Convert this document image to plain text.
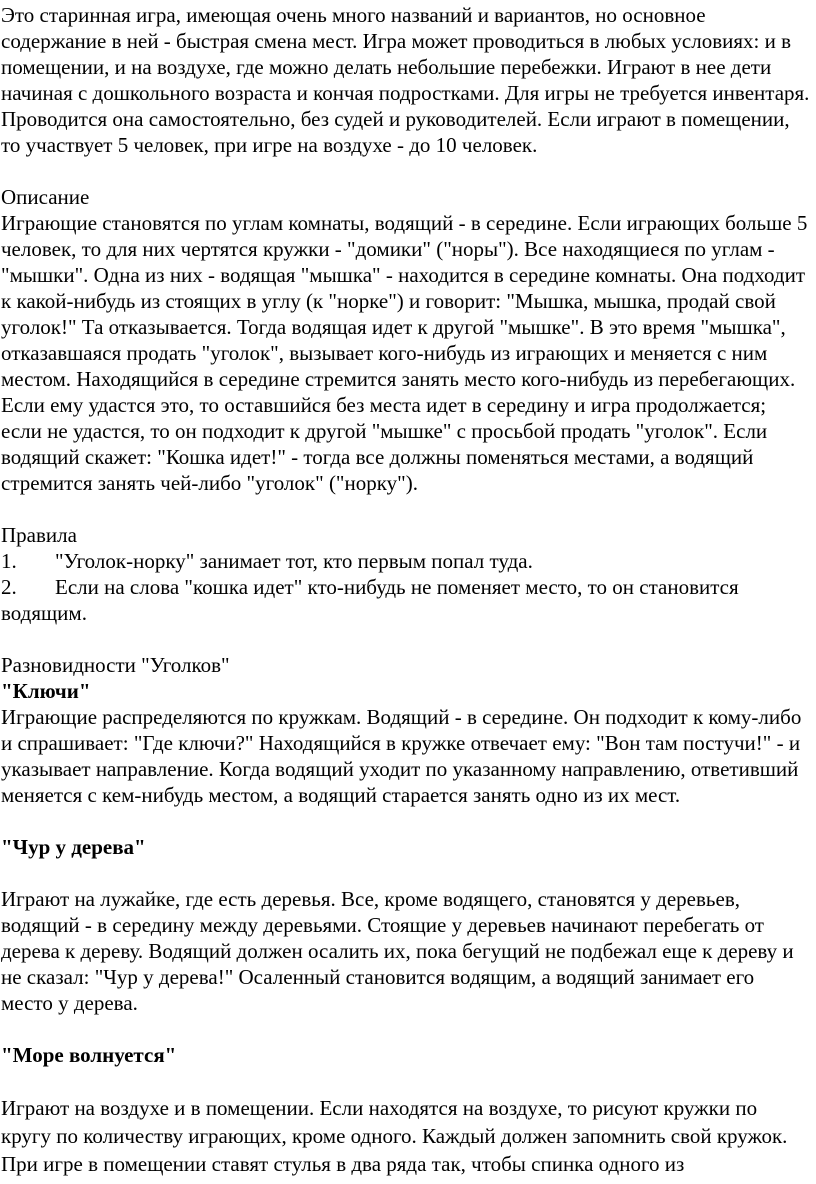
Это старинная игра, имеющая очень много названий и вариантов, но основное содержание в ней - быстрая смена мест. Игра может проводиться в любых условиях: и в помещении, и на воздухе, где можно делать небольшие перебежки. Играют в нее дети начиная с дошкольного возраста и кончая подростками. Для игры не требуется инвентаря. Проводится она самостоятельно, без судей и руководителей. Если играют в помещении, то участвует 5 человек, при игре на воздухе - до 10 человек.

Описание

Играющие становятся по углам комнаты, водящий - в середине. Если играющих больше 5 человек, то для них чертятся кружки - "домики" ("норы"). Все находящиеся по углам - "мышки". Одна из них - водящая "мышка" - находится в середине комнаты. Она подходит к какой-нибудь из стоящих в углу (к "норке") и говорит: "Мышка, мышка, продай свой уголок!" Та отказывается. Тогда водящая идет к другой "мышке". В это время "мышка", отказавшаяся продать "уголок", вызывает кого-нибудь из играющих и меняется с ним местом. Находящийся в середине стремится занять место кого-нибудь из перебегающих. Если ему удастся это, то оставшийся без места идет в середину и игра продолжается; если не удастся, то он подходит к другой "мышке" с просьбой продать "уголок". Если водящий скажет: "Кошка идет!" - тогда все должны поменяться местами, а водящий стремится занять чей-либо "уголок" ("норку").

Правила

1.	"Уголок-норку" занимает тот, кто первым попал туда.
2. Если на слова "кошка идет" кто-нибудь не поменяет место, то он становится водящим.

Разновидности "Уголков"

"Ключи"

Играющие распределяются по кружкам. Водящий - в середине. Он подходит к кому-либо и спрашивает: "Где ключи?" Находящийся в кружке отвечает ему: "Вон там постучи!" - и указывает направление. Когда водящий уходит по указанному направлению, ответивший меняется с кем-нибудь местом, а водящий старается занять одно из их мест.

"Чур у дерева"

Играют на лужайке, где есть деревья. Все, кроме водящего, становятся у деревьев, водящий - в середину между деревьями. Стоящие у деревьев начинают перебегать от дерева к дереву. Водящий должен осалить их, пока бегущий не подбежал еще к дереву и не сказал: "Чур у дерева!" Осаленный становится водящим, а водящий занимает его место у дерева.

"Море волнуется"

Играют на воздухе и в помещении. Если находятся на воздухе, то рисуют кружки по кругу по количеству играющих, кроме одного. Каждый должен запомнить свой кружок. При игре в помещении ставят стулья в два ряда так, чтобы спинка одного из
